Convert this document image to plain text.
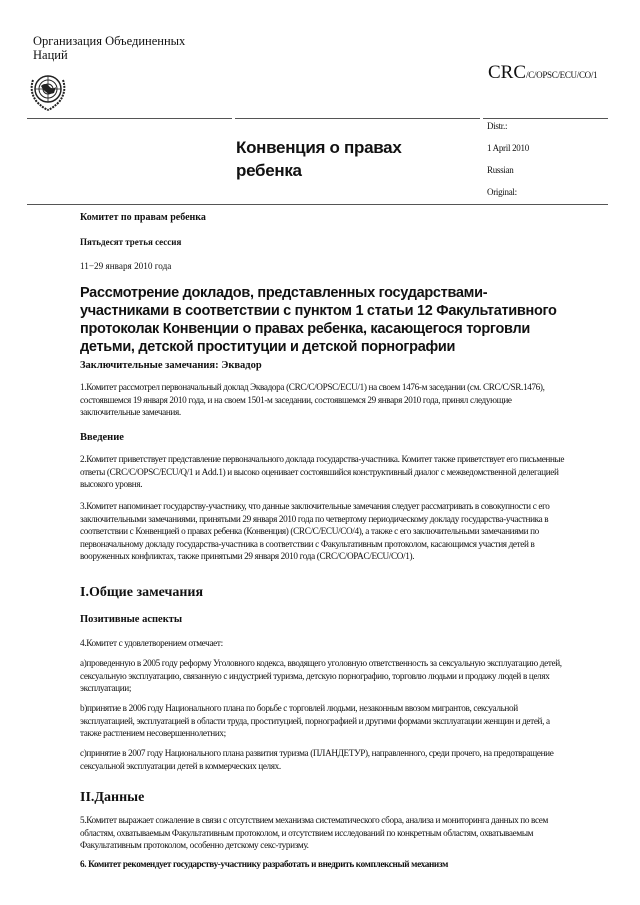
Организация Объединенных Наций
CRC/C/OPSC/ECU/CO/1
Конвенция о правах ребенка
Distr.:
1 April 2010
Russian
Original:
Комитет по правам ребенка
Пятьдесят третья сессия
11−29 января 2010 года
Рассмотрение докладов, представленных государствами-участниками в соответствии с пунктом 1 статьи 12 Факультативного протоколак Конвенции о правах ребенка, касающегося торговли детьми, детской проституции и детской порнографии
Заключительные замечания: Эквадор
1.Комитет рассмотрел первоначальный доклад Эквадора (CRC/C/OPSC/ECU/1) на своем 1476-м заседании (см. CRC/C/SR.1476), состоявшемся 19 января 2010 года, и на своем 1501-м заседании, состоявшемся 29 января 2010 года, принял следующие заключительные замечания.
Введение
2.Комитет приветствует представление первоначального доклада государства-участника. Комитет также приветствует его письменные ответы (CRC/C/OPSC/ECU/Q/1 и Add.1) и высоко оценивает состоявшийся конструктивный диалог с межведомственной делегацией высокого уровня.
3.Комитет напоминает государству-участнику, что данные заключительные замечания следует рассматривать в совокупности с его заключительными замечаниями, принятыми 29 января 2010 года по четвертому периодическому докладу государства-участника в соответствии с Конвенцией о правах ребенка (Конвенция) (CRC/C/ECU/CO/4), а также с его заключительными замечаниями по первоначальному докладу государства-участника в соответствии с Факультативным протоколом, касающимся участия детей в вооруженных конфликтах, также принятыми 29 января 2010 года (CRC/C/OPAC/ECU/CO/1).
I.Общие замечания
Позитивные аспекты
4.Комитет с удовлетворением отмечает:
a)проведенную в 2005 году реформу Уголовного кодекса, вводящего уголовную ответственность за сексуальную эксплуатацию детей, сексуальную эксплуатацию, связанную с индустрией туризма, детскую порнографию, торговлю людьми и продажу людей в целях эксплуатации;
b)принятие в 2006 году Национального плана по борьбе с торговлей людьми, незаконным ввозом мигрантов, сексуальной эксплуатацией, эксплуатацией в области труда, проституцией, порнографией и другими формами эксплуатации женщин и детей, а также растлением несовершеннолетних;
c)принятие в 2007 году Национального плана развития туризма (ПЛАНДЕТУР), направленного, среди прочего, на предотвращение сексуальной эксплуатации детей в коммерческих целях.
II.Данные
5.Комитет выражает сожаление в связи с отсутствием механизма систематического сбора, анализа и мониторинга данных по всем областям, охватываемым Факультативным протоколом, и отсутствием исследований по конкретным областям, охватываемым Факультативным протоколом, особенно детскому секс-туризму.
6. Комитет рекомендует государству-участнику разработать и внедрить комплексный механизм
